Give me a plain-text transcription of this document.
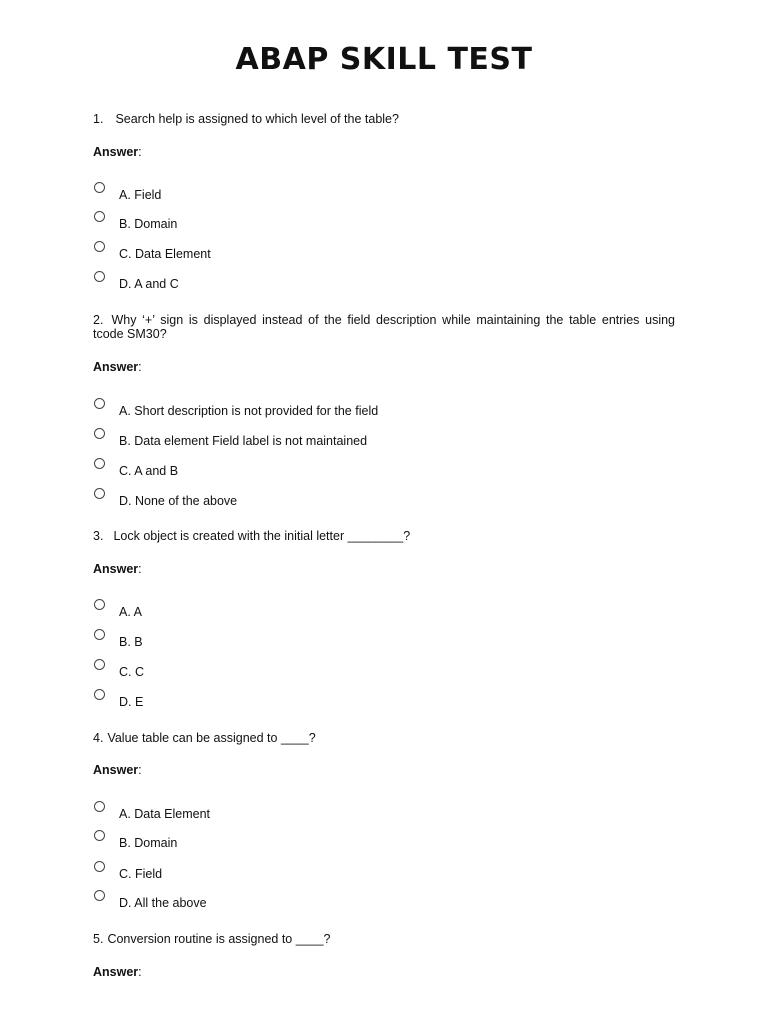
ABAP SKILL TEST
1. Search help is assigned to which level of the table?
Answer:
A. Field
B. Domain
C. Data Element
D. A and C
2. Why ‘+’ sign is displayed instead of the field description while maintaining the table entries using tcode SM30?
Answer:
A. Short description is not provided for the field
B. Data element Field label is not maintained
C. A and B
D. None of the above
3. Lock object is created with the initial letter ________?
Answer:
A. A
B. B
C. C
D. E
4. Value table can be assigned to ____?
Answer:
A. Data Element
B. Domain
C. Field
D. All the above
5. Conversion routine is assigned to ____?
Answer:
